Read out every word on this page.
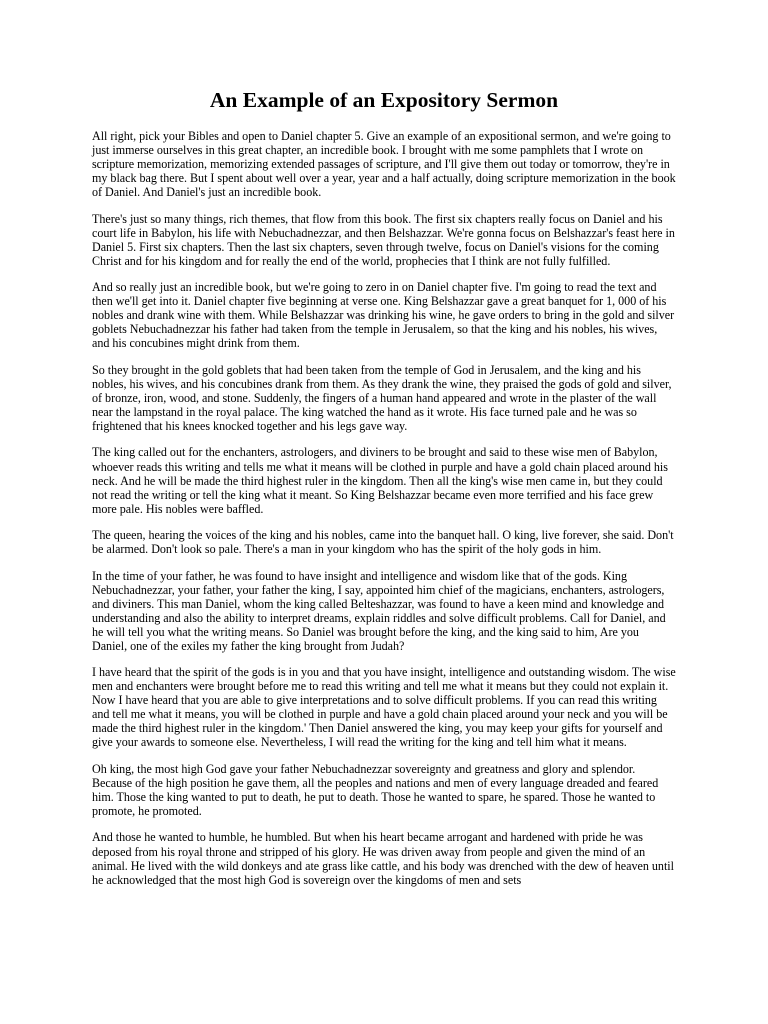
An Example of an Expository Sermon

All right, pick your Bibles and open to Daniel chapter 5. Give an example of an expositional sermon, and we're going to just immerse ourselves in this great chapter, an incredible book. I brought with me some pamphlets that I wrote on scripture memorization, memorizing extended passages of scripture, and I'll give them out today or tomorrow, they're in my black bag there. But I spent about well over a year, year and a half actually, doing scripture memorization in the book of Daniel. And Daniel's just an incredible book.

There's just so many things, rich themes, that flow from this book. The first six chapters really focus on Daniel and his court life in Babylon, his life with Nebuchadnezzar, and then Belshazzar. We're gonna focus on Belshazzar's feast here in Daniel 5. First six chapters. Then the last six chapters, seven through twelve, focus on Daniel's visions for the coming Christ and for his kingdom and for really the end of the world, prophecies that I think are not fully fulfilled.

And so really just an incredible book, but we're going to zero in on Daniel chapter five. I'm going to read the text and then we'll get into it. Daniel chapter five beginning at verse one. King Belshazzar gave a great banquet for 1, 000 of his nobles and drank wine with them. While Belshazzar was drinking his wine, he gave orders to bring in the gold and silver goblets Nebuchadnezzar his father had taken from the temple in Jerusalem, so that the king and his nobles, his wives, and his concubines might drink from them.

So they brought in the gold goblets that had been taken from the temple of God in Jerusalem, and the king and his nobles, his wives, and his concubines drank from them. As they drank the wine, they praised the gods of gold and silver, of bronze, iron, wood, and stone. Suddenly, the fingers of a human hand appeared and wrote in the plaster of the wall near the lampstand in the royal palace. The king watched the hand as it wrote. His face turned pale and he was so frightened that his knees knocked together and his legs gave way.

The king called out for the enchanters, astrologers, and diviners to be brought and said to these wise men of Babylon, whoever reads this writing and tells me what it means will be clothed in purple and have a gold chain placed around his neck. And he will be made the third highest ruler in the kingdom. Then all the king's wise men came in, but they could not read the writing or tell the king what it meant. So King Belshazzar became even more terrified and his face grew more pale. His nobles were baffled.

The queen, hearing the voices of the king and his nobles, came into the banquet hall. O king, live forever, she said. Don't be alarmed. Don't look so pale. There's a man in your kingdom who has the spirit of the holy gods in him.

In the time of your father, he was found to have insight and intelligence and wisdom like that of the gods. King Nebuchadnezzar, your father, your father the king, I say, appointed him chief of the magicians, enchanters, astrologers, and diviners. This man Daniel, whom the king called Belteshazzar, was found to have a keen mind and knowledge and understanding and also the ability to interpret dreams, explain riddles and solve difficult problems. Call for Daniel, and he will tell you what the writing means. So Daniel was brought before the king, and the king said to him, Are you Daniel, one of the exiles my father the king brought from Judah?

I have heard that the spirit of the gods is in you and that you have insight, intelligence and outstanding wisdom. The wise men and enchanters were brought before me to read this writing and tell me what it means but they could not explain it. Now I have heard that you are able to give interpretations and to solve difficult problems. If you can read this writing and tell me what it means, you will be clothed in purple and have a gold chain placed around your neck and you will be made the third highest ruler in the kingdom.' Then Daniel answered the king, you may keep your gifts for yourself and give your awards to someone else. Nevertheless, I will read the writing for the king and tell him what it means.

Oh king, the most high God gave your father Nebuchadnezzar sovereignty and greatness and glory and splendor. Because of the high position he gave them, all the peoples and nations and men of every language dreaded and feared him. Those the king wanted to put to death, he put to death. Those he wanted to spare, he spared. Those he wanted to promote, he promoted.

And those he wanted to humble, he humbled. But when his heart became arrogant and hardened with pride he was deposed from his royal throne and stripped of his glory. He was driven away from people and given the mind of an animal. He lived with the wild donkeys and ate grass like cattle, and his body was drenched with the dew of heaven until he acknowledged that the most high God is sovereign over the kingdoms of men and sets
